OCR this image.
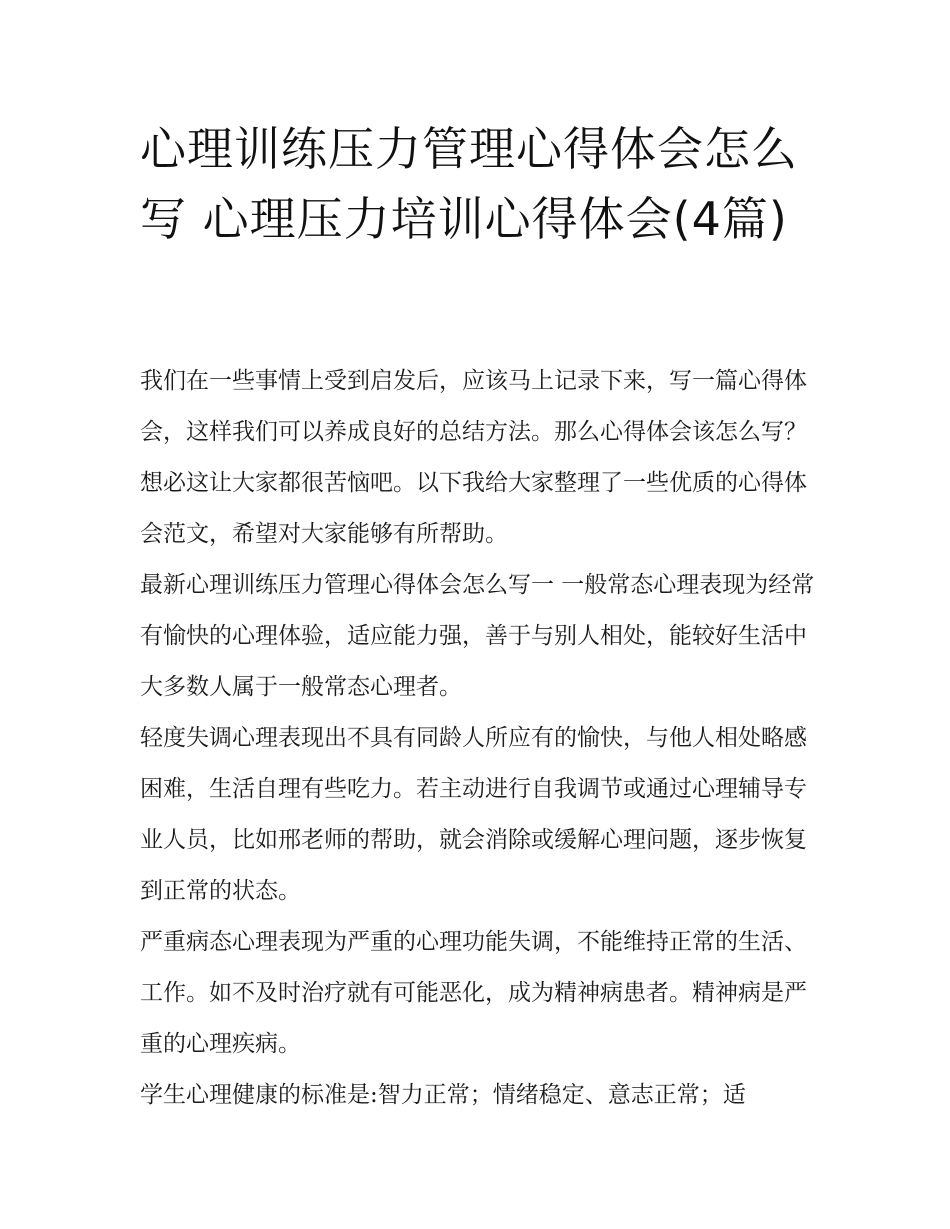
心理训练压力管理心得体会怎么写 心理压力培训心得体会(4篇)

我们在一些事情上受到启发后，应该马上记录下来，写一篇心得体会，这样我们可以养成良好的总结方法。那么心得体会该怎么写？想必这让大家都很苦恼吧。以下我给大家整理了一些优质的心得体会范文，希望对大家能够有所帮助。

最新心理训练压力管理心得体会怎么写一 一般常态心理表现为经常有愉快的心理体验，适应能力强，善于与别人相处，能较好生活中大多数人属于一般常态心理者。

轻度失调心理表现出不具有同龄人所应有的愉快，与他人相处略感困难，生活自理有些吃力。若主动进行自我调节或通过心理辅导专业人员，比如邢老师的帮助，就会消除或缓解心理问题，逐步恢复到正常的状态。

严重病态心理表现为严重的心理功能失调，不能维持正常的生活、工作。如不及时治疗就有可能恶化，成为精神病患者。精神病是严重的心理疾病。

学生心理健康的标准是:智力正常；情绪稳定、意志正常；适
